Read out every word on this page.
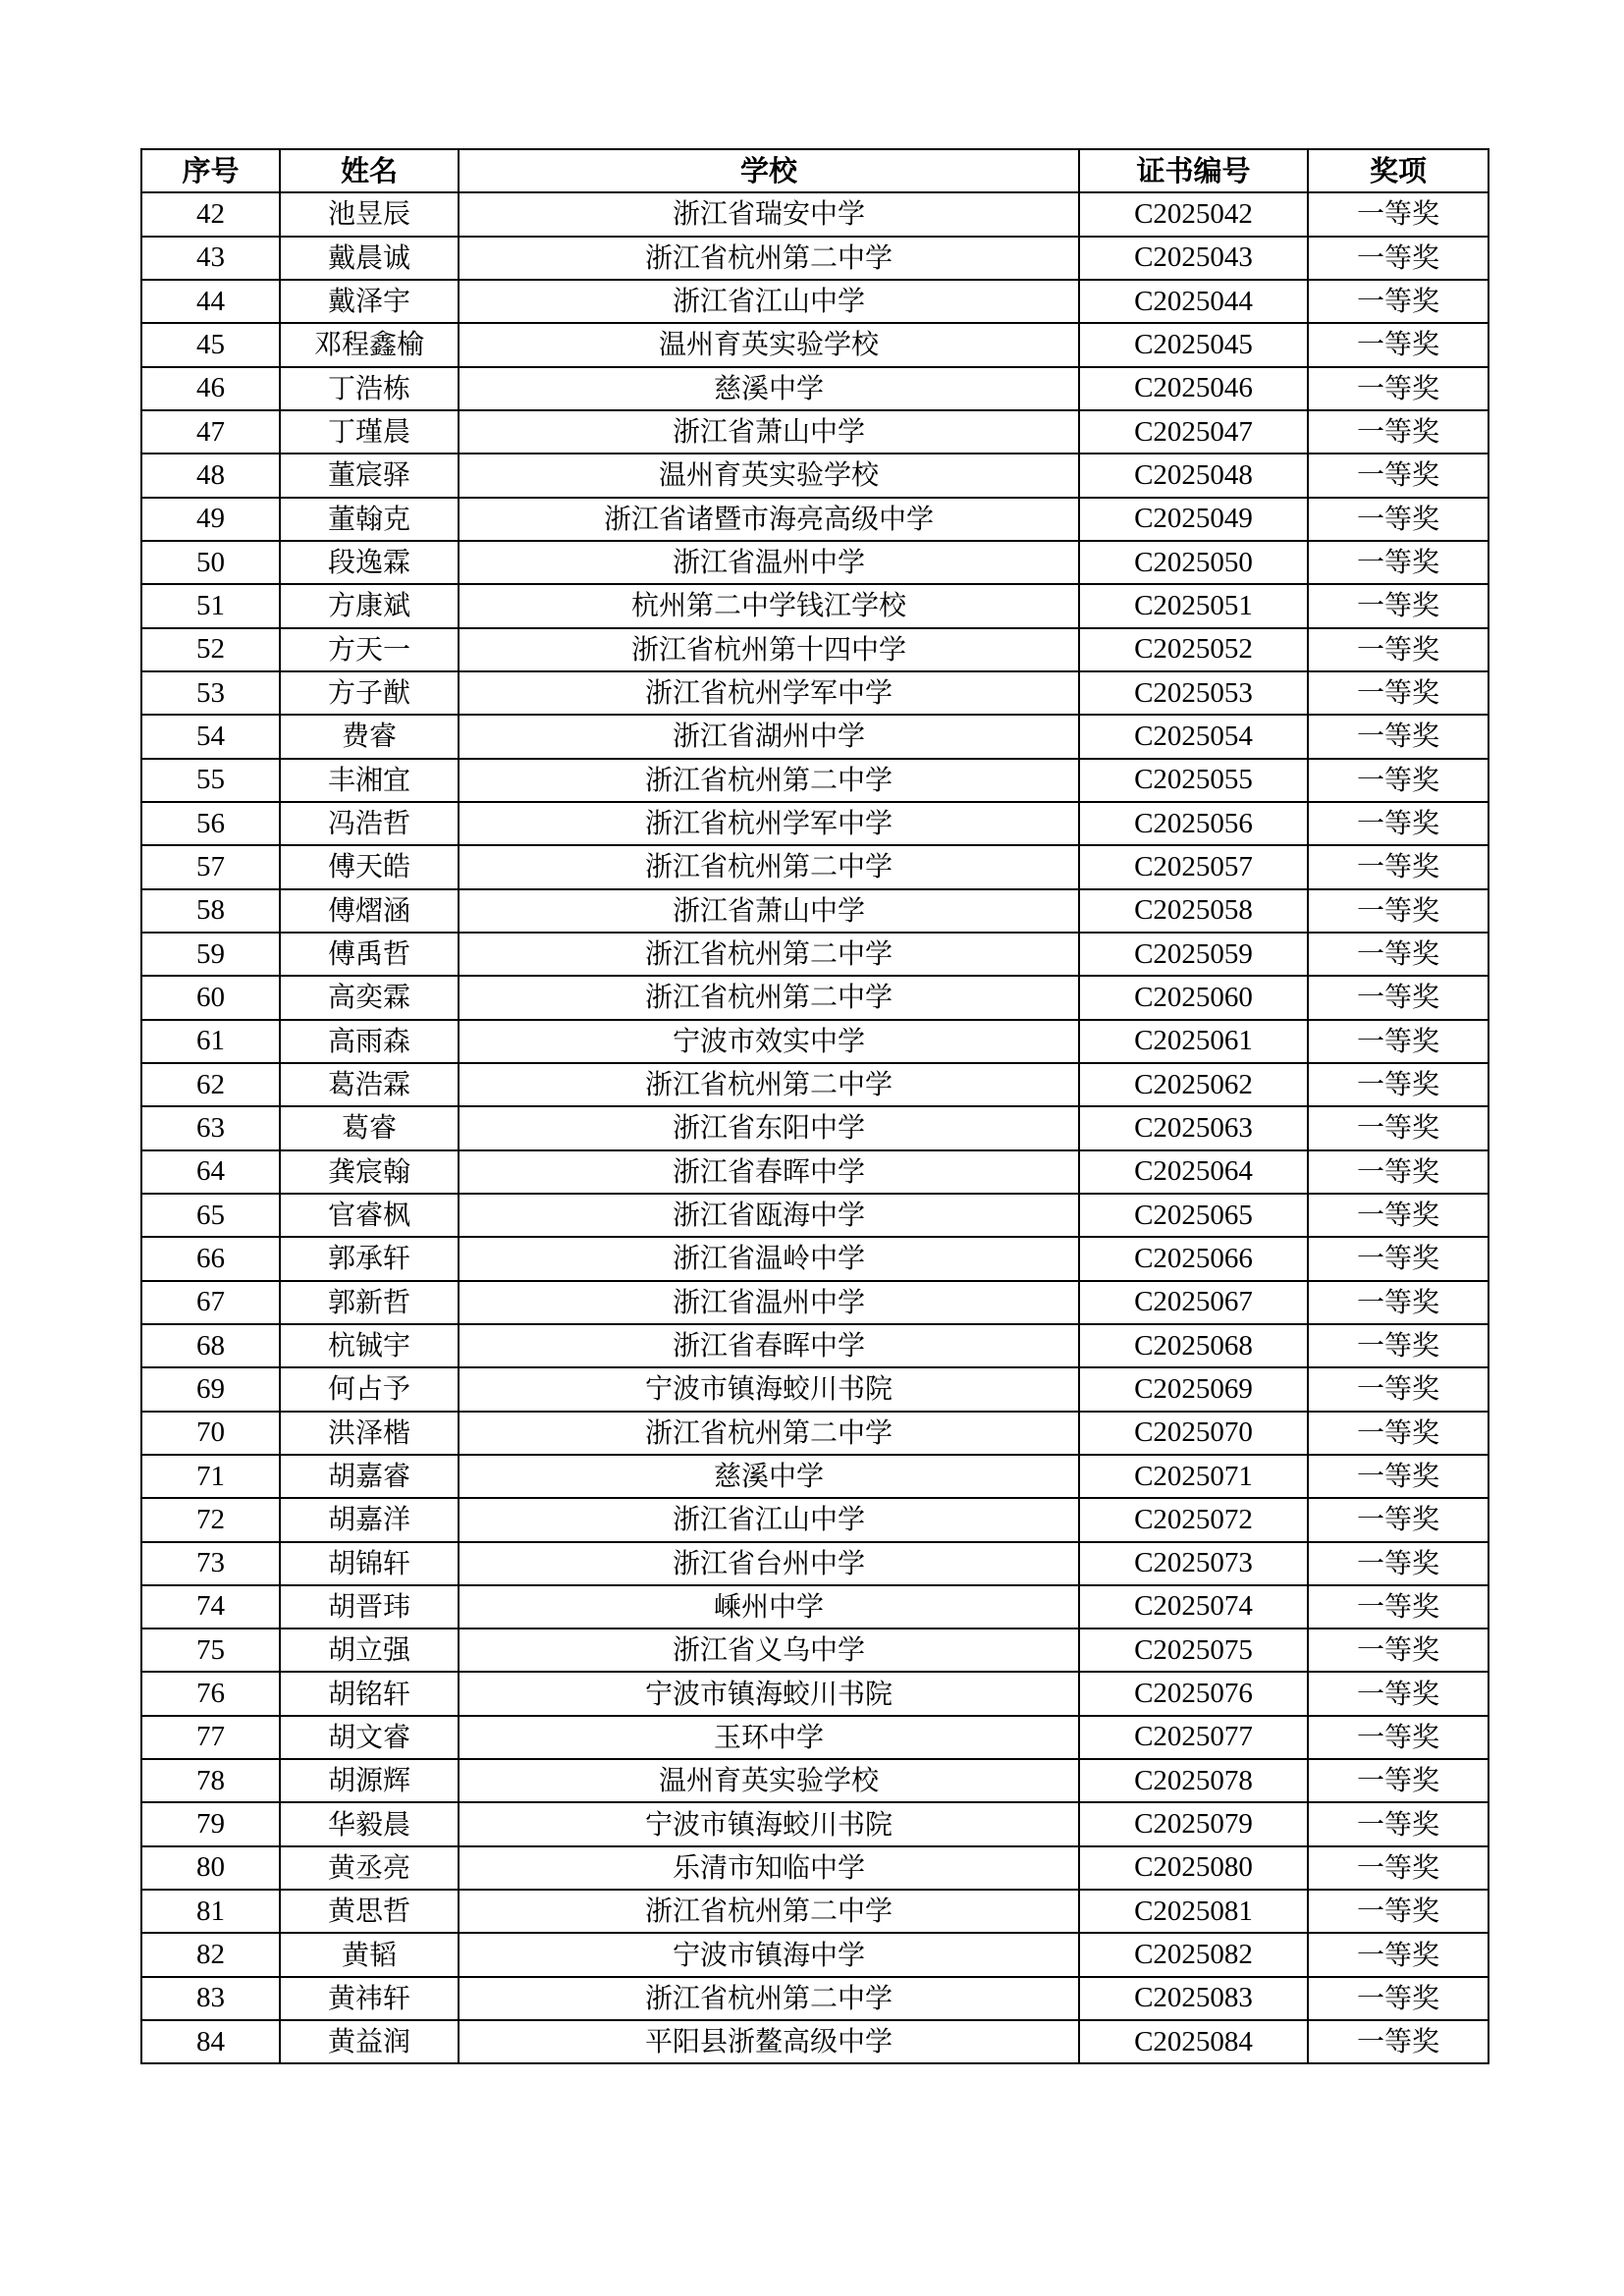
序号	姓名	学校	证书编号	奖项
42	池昱辰	浙江省瑞安中学	C2025042	一等奖
43	戴晨诚	浙江省杭州第二中学	C2025043	一等奖
44	戴泽宇	浙江省江山中学	C2025044	一等奖
45	邓程鑫榆	温州育英实验学校	C2025045	一等奖
46	丁浩栋	慈溪中学	C2025046	一等奖
47	丁瑾晨	浙江省萧山中学	C2025047	一等奖
48	董宸驿	温州育英实验学校	C2025048	一等奖
49	董翰克	浙江省诸暨市海亮高级中学	C2025049	一等奖
50	段逸霖	浙江省温州中学	C2025050	一等奖
51	方康斌	杭州第二中学钱江学校	C2025051	一等奖
52	方天一	浙江省杭州第十四中学	C2025052	一等奖
53	方子猷	浙江省杭州学军中学	C2025053	一等奖
54	费睿	浙江省湖州中学	C2025054	一等奖
55	丰湘宜	浙江省杭州第二中学	C2025055	一等奖
56	冯浩哲	浙江省杭州学军中学	C2025056	一等奖
57	傅天皓	浙江省杭州第二中学	C2025057	一等奖
58	傅熠涵	浙江省萧山中学	C2025058	一等奖
59	傅禹哲	浙江省杭州第二中学	C2025059	一等奖
60	高奕霖	浙江省杭州第二中学	C2025060	一等奖
61	高雨森	宁波市效实中学	C2025061	一等奖
62	葛浩霖	浙江省杭州第二中学	C2025062	一等奖
63	葛睿	浙江省东阳中学	C2025063	一等奖
64	龚宸翰	浙江省春晖中学	C2025064	一等奖
65	官睿枫	浙江省瓯海中学	C2025065	一等奖
66	郭承轩	浙江省温岭中学	C2025066	一等奖
67	郭新哲	浙江省温州中学	C2025067	一等奖
68	杭铖宇	浙江省春晖中学	C2025068	一等奖
69	何占予	宁波市镇海蛟川书院	C2025069	一等奖
70	洪泽楷	浙江省杭州第二中学	C2025070	一等奖
71	胡嘉睿	慈溪中学	C2025071	一等奖
72	胡嘉洋	浙江省江山中学	C2025072	一等奖
73	胡锦轩	浙江省台州中学	C2025073	一等奖
74	胡晋玮	嵊州中学	C2025074	一等奖
75	胡立强	浙江省义乌中学	C2025075	一等奖
76	胡铭轩	宁波市镇海蛟川书院	C2025076	一等奖
77	胡文睿	玉环中学	C2025077	一等奖
78	胡源辉	温州育英实验学校	C2025078	一等奖
79	华毅晨	宁波市镇海蛟川书院	C2025079	一等奖
80	黄丞亮	乐清市知临中学	C2025080	一等奖
81	黄思哲	浙江省杭州第二中学	C2025081	一等奖
82	黄韬	宁波市镇海中学	C2025082	一等奖
83	黄祎轩	浙江省杭州第二中学	C2025083	一等奖
84	黄益润	平阳县浙鳌高级中学	C2025084	一等奖
